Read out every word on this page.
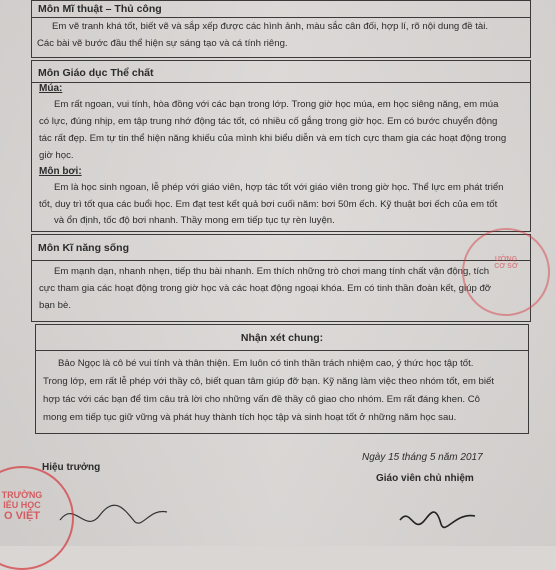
Môn Mĩ thuật – Thủ công
Em vẽ tranh khá tốt, biết vẽ và sắp xếp được các hình ảnh, màu sắc cân đối, hợp lí, rõ nội dung đề tài.
Các bài vẽ bước đầu thể hiện sự sáng tạo và cá tính riêng.
Môn Giáo dục Thể chất
Múa:
Em rất ngoan, vui tính, hòa đồng với các bạn trong lớp. Trong giờ học múa, em học siêng năng, em múa
có lực, đúng nhịp, em tập trung nhớ động tác tốt, có nhiều cố gắng trong giờ học. Em có bước chuyển động
tác rất đẹp. Em tự tin thể hiện năng khiếu của mình khi biểu diễn và em tích cực tham gia các hoạt động trong
giờ học.
Môn bơi:
Em là học sinh ngoan, lễ phép với giáo viên, hợp tác tốt với giáo viên trong giờ học. Thể lực em phát triển
tốt, duy trì tốt qua các buổi học. Em đạt test kết quả bơi cuối năm: bơi 50m ếch. Kỹ thuật bơi ếch của em tốt
và ổn định, tốc độ bơi nhanh. Thầy mong em tiếp tục tự rèn luyện.
Môn Kĩ năng sống
Em mạnh dạn, nhanh nhẹn, tiếp thu bài nhanh. Em thích những trò chơi mang tính chất vận động, tích
cực tham gia các hoạt động trong giờ học và các hoạt động ngoại khóa. Em có tinh thần đoàn kết, giúp đỡ
bạn bè.
Nhận xét chung:
Bảo Ngọc là cô bé vui tính và thân thiện. Em luôn có tinh thần trách nhiệm cao, ý thức học tập tốt.
Trong lớp, em rất lễ phép với thầy cô, biết quan tâm giúp đỡ bạn. Kỹ năng làm việc theo nhóm tốt, em biết
hợp tác với các bạn để tìm câu trả lời cho những vấn đề thầy cô giao cho nhóm. Em rất đáng khen. Cô
mong em tiếp tục giữ vững và phát huy thành tích học tập và sinh hoạt tốt ở những năm học sau.
Hiệu trưởng
Ngày 15 tháng 5 năm 2017
Giáo viên chủ nhiệm
TRƯỜNG
IỂU HỌC
O VIỆT
ƯỜNG
CƠ SỞ
